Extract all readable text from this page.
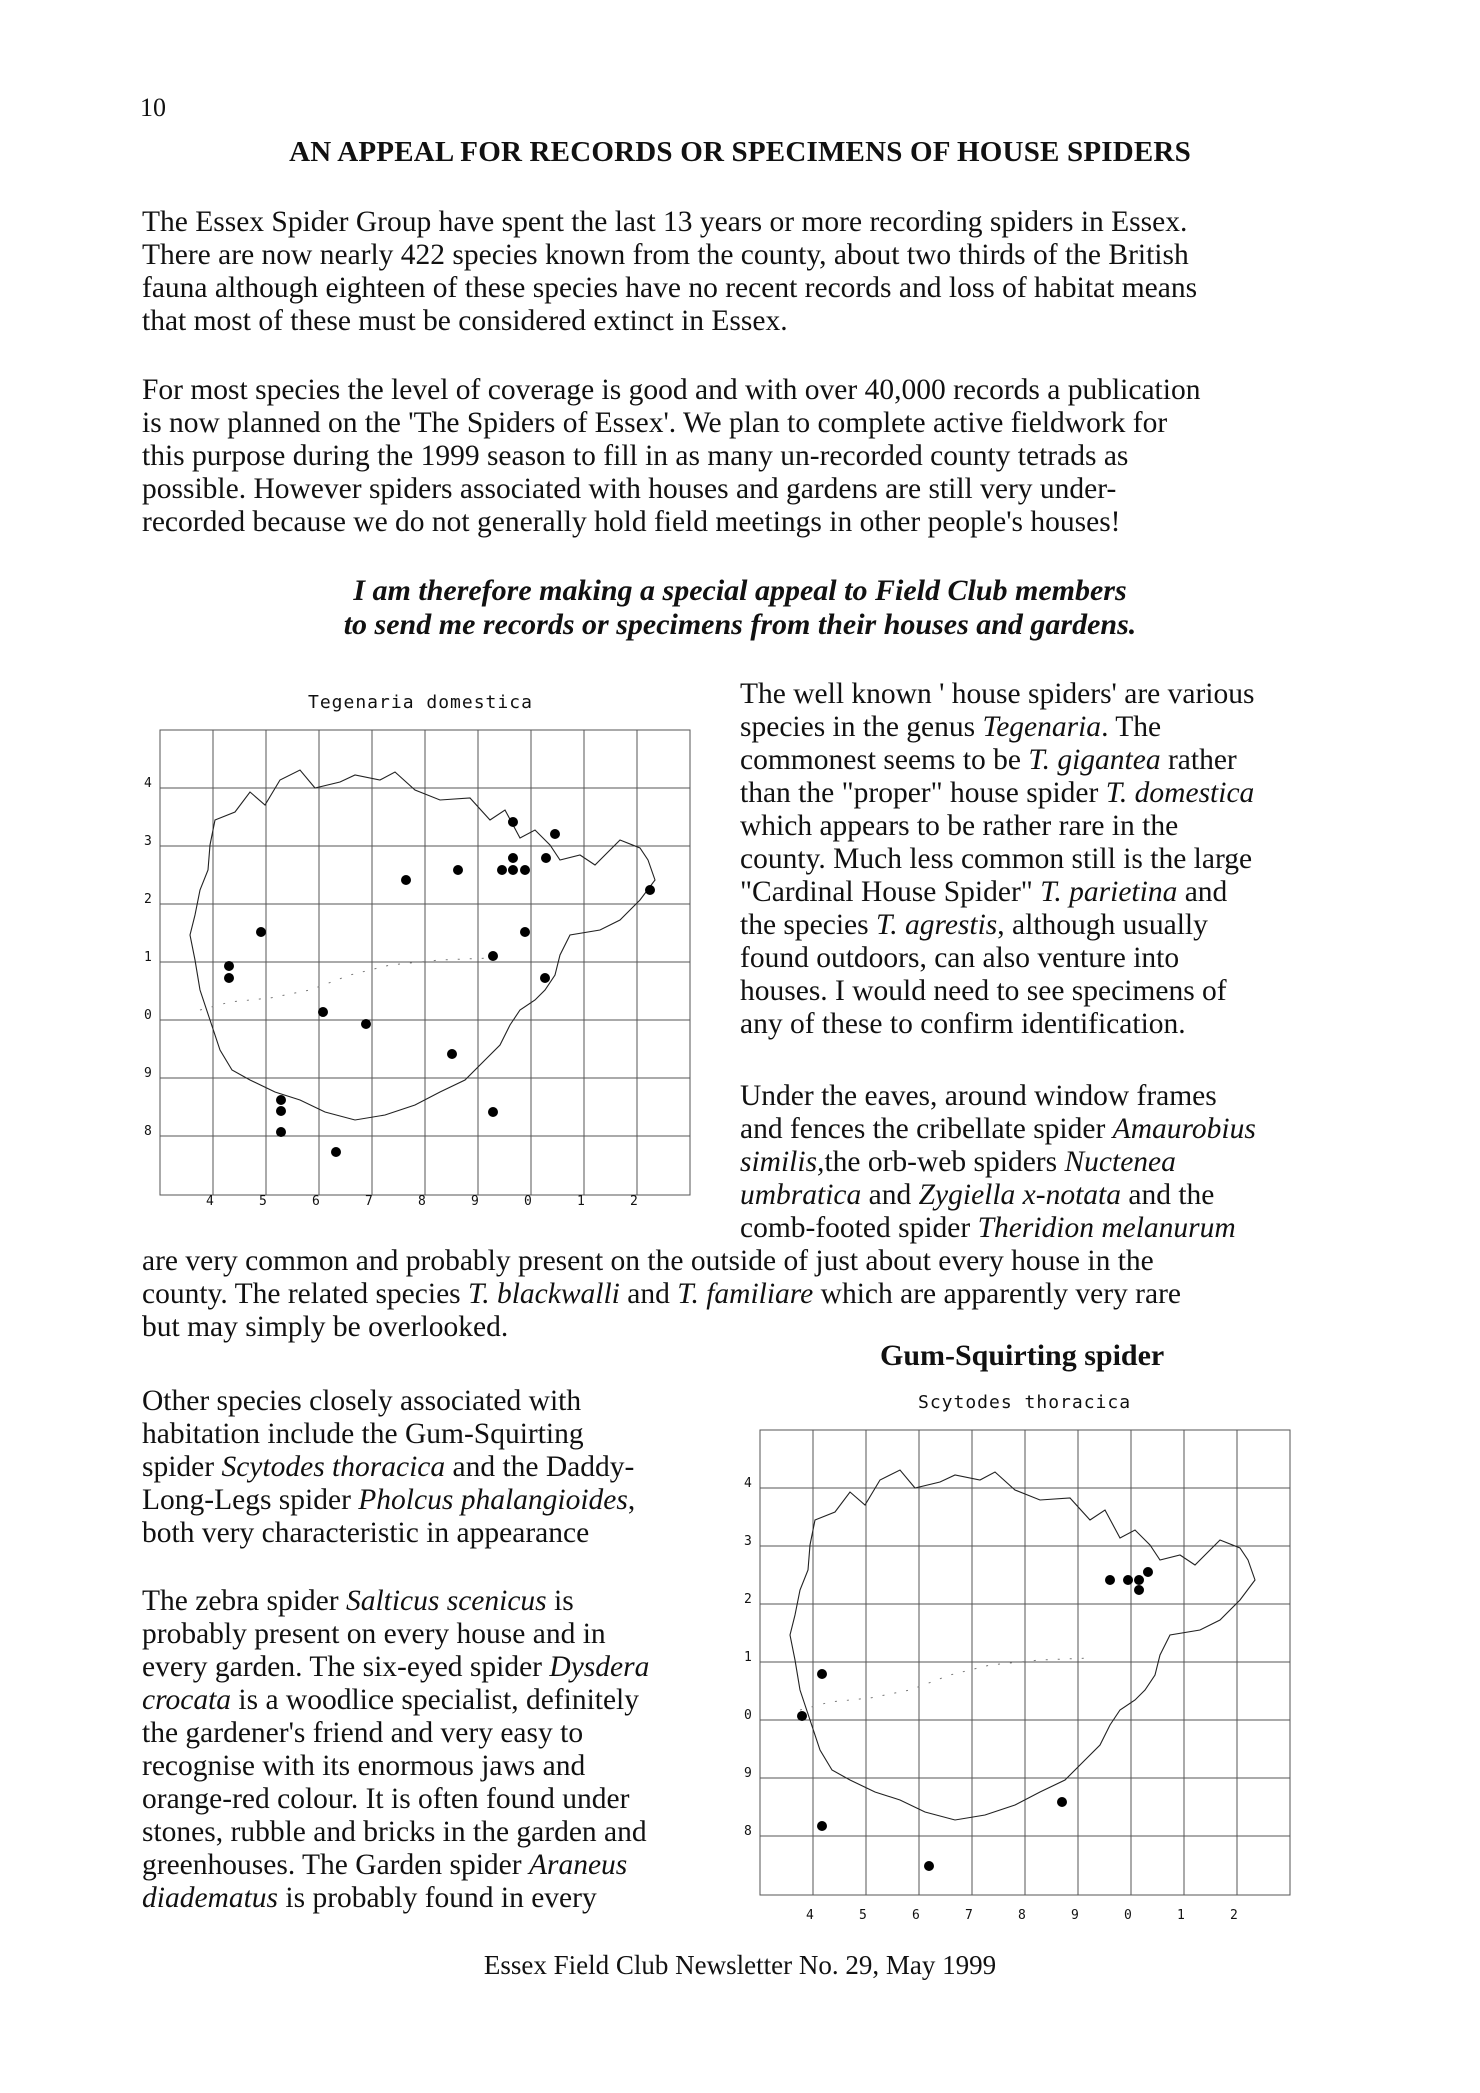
10
AN APPEAL FOR RECORDS OR SPECIMENS OF HOUSE SPIDERS
The Essex Spider Group have spent the last 13 years or more recording spiders in Essex.
There are now nearly 422 species known from the county, about two thirds of the British
fauna although eighteen of these species have no recent records and loss of habitat means
that most of these must be considered extinct in Essex.
For most species the level of coverage is good and with over 40,000 records a publication
is now planned on the 'The Spiders of Essex'. We plan to complete active fieldwork for
this purpose during the 1999 season to fill in as many un-recorded county tetrads as
possible. However spiders associated with houses and gardens are still very under-
recorded because we do not generally hold field meetings in other people's houses!
I am therefore making a special appeal to Field Club members
to send me records or specimens from their houses and gardens.
Tegenaria domestica
4
3
2
1
0
9
8
4	5	6	7	8	9	0	1	2
The well known ' house spiders' are various
species in the genus Tegenaria. The
commonest seems to be T. gigantea rather
than the "proper" house spider T. domestica
which appears to be rather rare in the
county. Much less common still is the large
"Cardinal House Spider" T. parietina and
the species T. agrestis, although usually
found outdoors, can also venture into
houses. I would need to see specimens of
any of these to confirm identification.
Under the eaves, around window frames
and fences the cribellate spider Amaurobius
similis,the orb-web spiders Nuctenea
umbratica and Zygiella x-notata and the
comb-footed spider Theridion melanurum
are very common and probably present on the outside of just about every house in the
county. The related species T. blackwalli and T. familiare which are apparently very rare
but may simply be overlooked.
Gum-Squirting spider
Scytodes thoracica
4
3
2
1
0
9
8
4	5	6	7	8	9	0	1	2
Other species closely associated with
habitation include the Gum-Squirting
spider Scytodes thoracica and the Daddy-
Long-Legs spider Pholcus phalangioides,
both very characteristic in appearance
The zebra spider Salticus scenicus is
probably present on every house and in
every garden. The six-eyed spider Dysdera
crocata is a woodlice specialist, definitely
the gardener's friend and very easy to
recognise with its enormous jaws and
orange-red colour. It is often found under
stones, rubble and bricks in the garden and
greenhouses. The Garden spider Araneus
diadematus is probably found in every
Essex Field Club Newsletter No. 29, May 1999
